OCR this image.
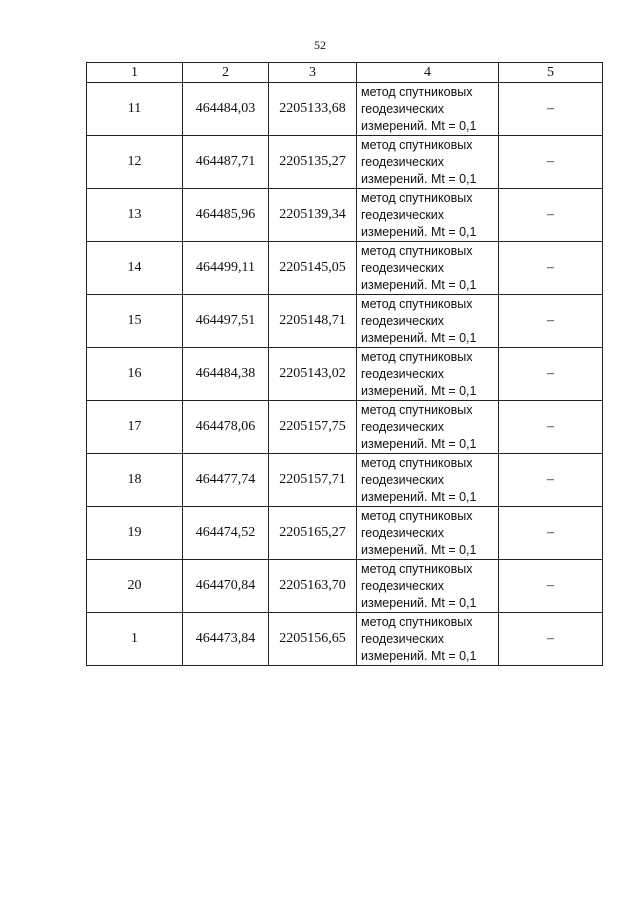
52
1	2	3	4	5
11	464484,03	2205133,68	метод спутниковых
геодезических
измерений. Mt = 0,1	–
12	464487,71	2205135,27	метод спутниковых
геодезических
измерений. Mt = 0,1	–
13	464485,96	2205139,34	метод спутниковых
геодезических
измерений. Mt = 0,1	–
14	464499,11	2205145,05	метод спутниковых
геодезических
измерений. Mt = 0,1	–
15	464497,51	2205148,71	метод спутниковых
геодезических
измерений. Mt = 0,1	–
16	464484,38	2205143,02	метод спутниковых
геодезических
измерений. Mt = 0,1	–
17	464478,06	2205157,75	метод спутниковых
геодезических
измерений. Mt = 0,1	–
18	464477,74	2205157,71	метод спутниковых
геодезических
измерений. Mt = 0,1	–
19	464474,52	2205165,27	метод спутниковых
геодезических
измерений. Mt = 0,1	–
20	464470,84	2205163,70	метод спутниковых
геодезических
измерений. Mt = 0,1	–
1	464473,84	2205156,65	метод спутниковых
геодезических
измерений. Mt = 0,1	–
